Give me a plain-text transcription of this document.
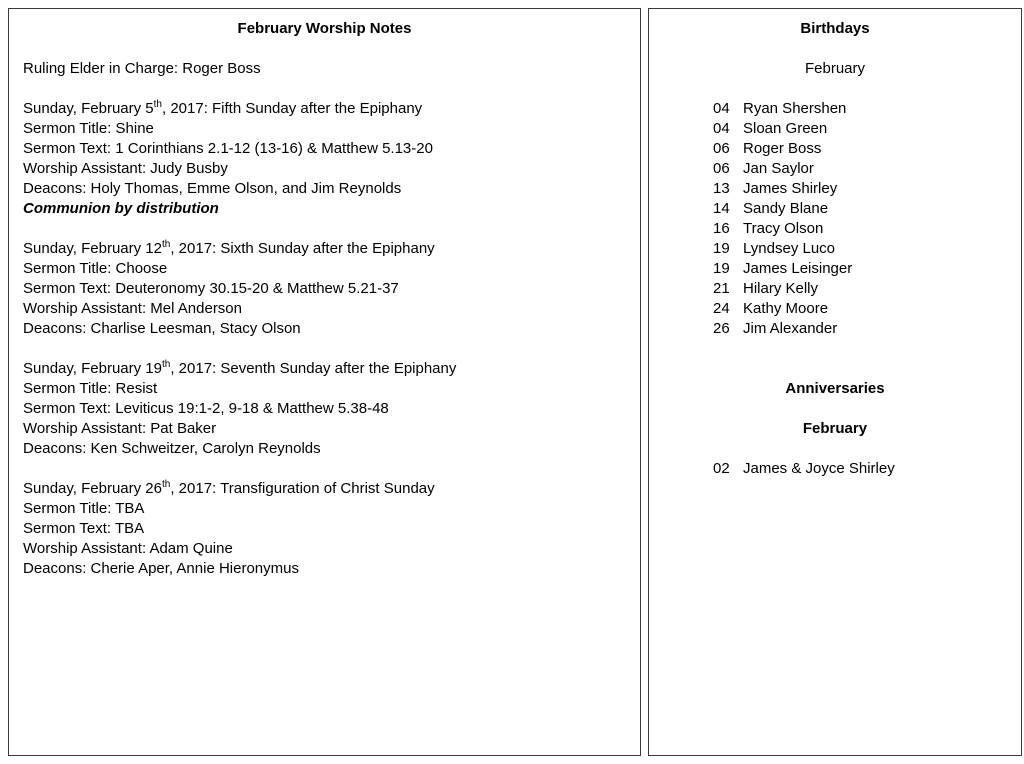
February Worship Notes
Ruling Elder in Charge: Roger Boss
Sunday, February 5th, 2017: Fifth Sunday after the Epiphany
Sermon Title: Shine
Sermon Text: 1 Corinthians 2.1-12 (13-16) & Matthew 5.13-20
Worship Assistant: Judy Busby
Deacons: Holy Thomas, Emme Olson, and Jim Reynolds
Communion by distribution
Sunday, February 12th, 2017: Sixth Sunday after the Epiphany
Sermon Title: Choose
Sermon Text: Deuteronomy 30.15-20 & Matthew 5.21-37
Worship Assistant: Mel Anderson
Deacons: Charlise Leesman, Stacy Olson
Sunday, February 19th, 2017: Seventh Sunday after the Epiphany
Sermon Title: Resist
Sermon Text: Leviticus 19:1-2, 9-18 & Matthew 5.38-48
Worship Assistant: Pat Baker
Deacons: Ken Schweitzer, Carolyn Reynolds
Sunday, February 26th, 2017: Transfiguration of Christ Sunday
Sermon Title: TBA
Sermon Text: TBA
Worship Assistant: Adam Quine
Deacons: Cherie Aper, Annie Hieronymus
Birthdays
February
04 Ryan Shershen
04 Sloan Green
06 Roger Boss
06 Jan Saylor
13 James Shirley
14 Sandy Blane
16 Tracy Olson
19 Lyndsey Luco
19 James Leisinger
21 Hilary Kelly
24 Kathy Moore
26 Jim Alexander
Anniversaries
February
02 James & Joyce Shirley
